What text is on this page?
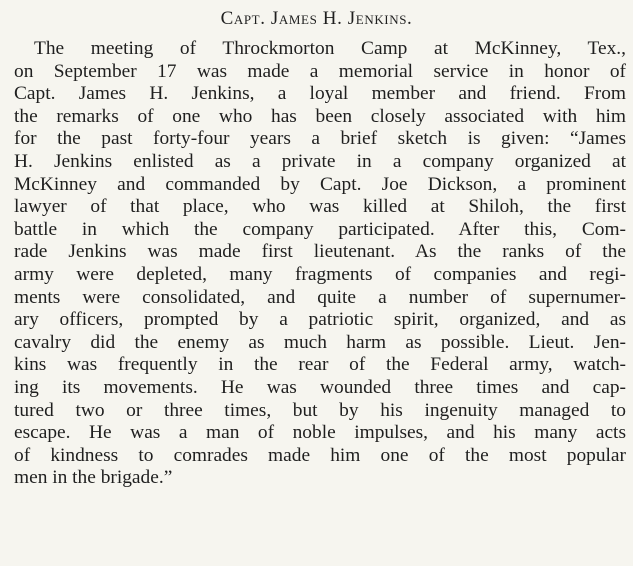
Capt. James H. Jenkins.
The meeting of Throckmorton Camp at McKinney, Tex.,
on September 17 was made a memorial service in honor of
Capt. James H. Jenkins, a loyal member and friend. From
the remarks of one who has been closely associated with him
for the past forty-four years a brief sketch is given: “James
H. Jenkins enlisted as a private in a company organized at
McKinney and commanded by Capt. Joe Dickson, a prominent
lawyer of that place, who was killed at Shiloh, the first
battle in which the company participated. After this, Com-
rade Jenkins was made first lieutenant. As the ranks of the
army were depleted, many fragments of companies and regi-
ments were consolidated, and quite a number of supernumer-
ary officers, prompted by a patriotic spirit, organized, and as
cavalry did the enemy as much harm as possible. Lieut. Jen-
kins was frequently in the rear of the Federal army, watch-
ing its movements. He was wounded three times and cap-
tured two or three times, but by his ingenuity managed to
escape. He was a man of noble impulses, and his many acts
of kindness to comrades made him one of the most popular
men in the brigade.”
